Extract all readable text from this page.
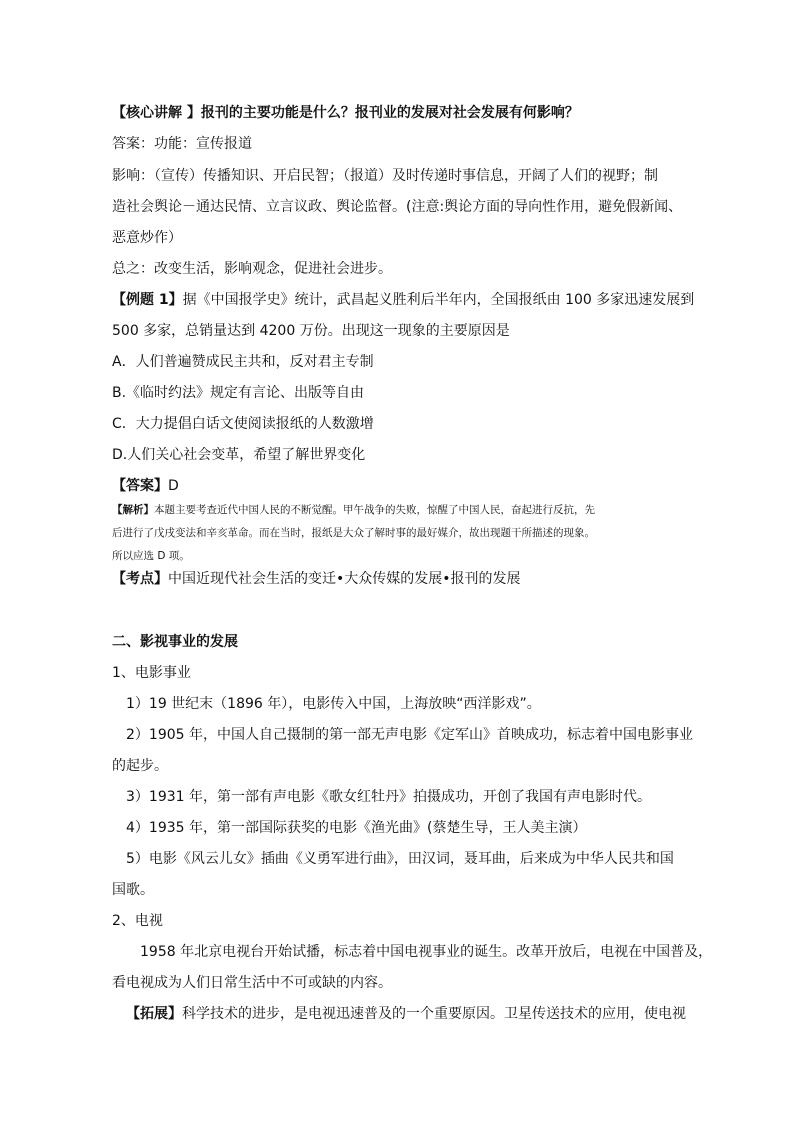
【核心讲解 】报刊的主要功能是什么？报刊业的发展对社会发展有何影响？
答案：功能：宣传报道
影响：（宣传）传播知识、开启民智；（报道）及时传递时事信息，开阔了人们的视野；制
造社会舆论－通达民情、立言议政、舆论监督。(注意:舆论方面的导向性作用，避免假新闻、
恶意炒作）
总之：改变生活，影响观念，促进社会进步。
【例题 1】据《中国报学史》统计，武昌起义胜利后半年内，全国报纸由 100 多家迅速发展到
500 多家，总销量达到 4200 万份。出现这一现象的主要原因是
A．人们普遍赞成民主共和，反对君主专制
B.《临时约法》规定有言论、出版等自由
C．大力提倡白话文使阅读报纸的人数激增
D.人们关心社会变革，希望了解世界变化
【答案】D
【解析】本题主要考查近代中国人民的不断觉醒。甲午战争的失败，惊醒了中国人民，奋起进行反抗，先
后进行了戊戌变法和辛亥革命。而在当时，报纸是大众了解时事的最好媒介，故出现题干所描述的现象。
所以应选 D 项。
【考点】中国近现代社会生活的变迁•大众传媒的发展•报刊的发展
二、影视事业的发展
1、电影事业
1）19 世纪末（1896 年），电影传入中国，上海放映“西洋影戏”。
2）1905 年，中国人自己摄制的第一部无声电影《定军山》首映成功，标志着中国电影事业
的起步。
3）1931 年，第一部有声电影《歌女红牡丹》拍摄成功，开创了我国有声电影时代。
4）1935 年，第一部国际获奖的电影《渔光曲》(蔡楚生导，王人美主演）
5）电影《风云儿女》插曲《义勇军进行曲》，田汉词，聂耳曲，后来成为中华人民共和国
国歌。
2、电视
1958 年北京电视台开始试播，标志着中国电视事业的诞生。改革开放后，电视在中国普及，
看电视成为人们日常生活中不可或缺的内容。
【拓展】科学技术的进步，是电视迅速普及的一个重要原因。卫星传送技术的应用，使电视
